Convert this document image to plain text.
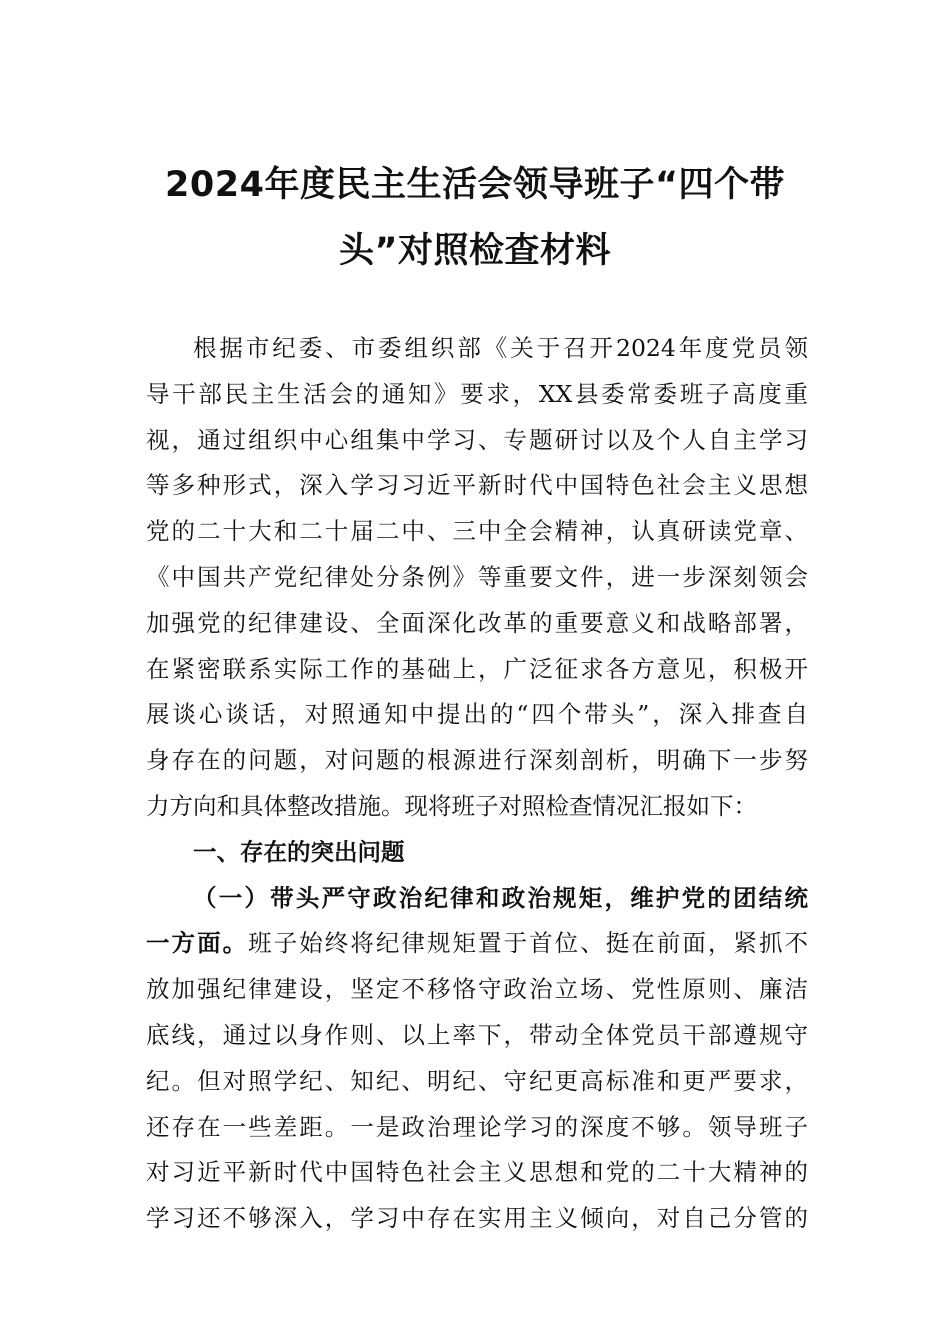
2024年度民主生活会领导班子“四个带
头”对照检查材料
根据市纪委、市委组织部《关于召开2024年度党员领
导干部民主生活会的通知》要求，XX县委常委班子高度重
视，通过组织中心组集中学习、专题研讨以及个人自主学习
等多种形式，深入学习习近平新时代中国特色社会主义思想
党的二十大和二十届二中、三中全会精神，认真研读党章、
《中国共产党纪律处分条例》等重要文件，进一步深刻领会
加强党的纪律建设、全面深化改革的重要意义和战略部署，
在紧密联系实际工作的基础上，广泛征求各方意见，积极开
展谈心谈话，对照通知中提出的“四个带头”，深入排查自
身存在的问题，对问题的根源进行深刻剖析，明确下一步努
力方向和具体整改措施。现将班子对照检查情况汇报如下：
一、存在的突出问题
（一）带头严守政治纪律和政治规矩，维护党的团结统
一方面。班子始终将纪律规矩置于首位、挺在前面，紧抓不
放加强纪律建设，坚定不移恪守政治立场、党性原则、廉洁
底线，通过以身作则、以上率下，带动全体党员干部遵规守
纪。但对照学纪、知纪、明纪、守纪更高标准和更严要求，
还存在一些差距。一是政治理论学习的深度不够。领导班子
对习近平新时代中国特色社会主义思想和党的二十大精神的
学习还不够深入，学习中存在实用主义倾向，对自己分管的
